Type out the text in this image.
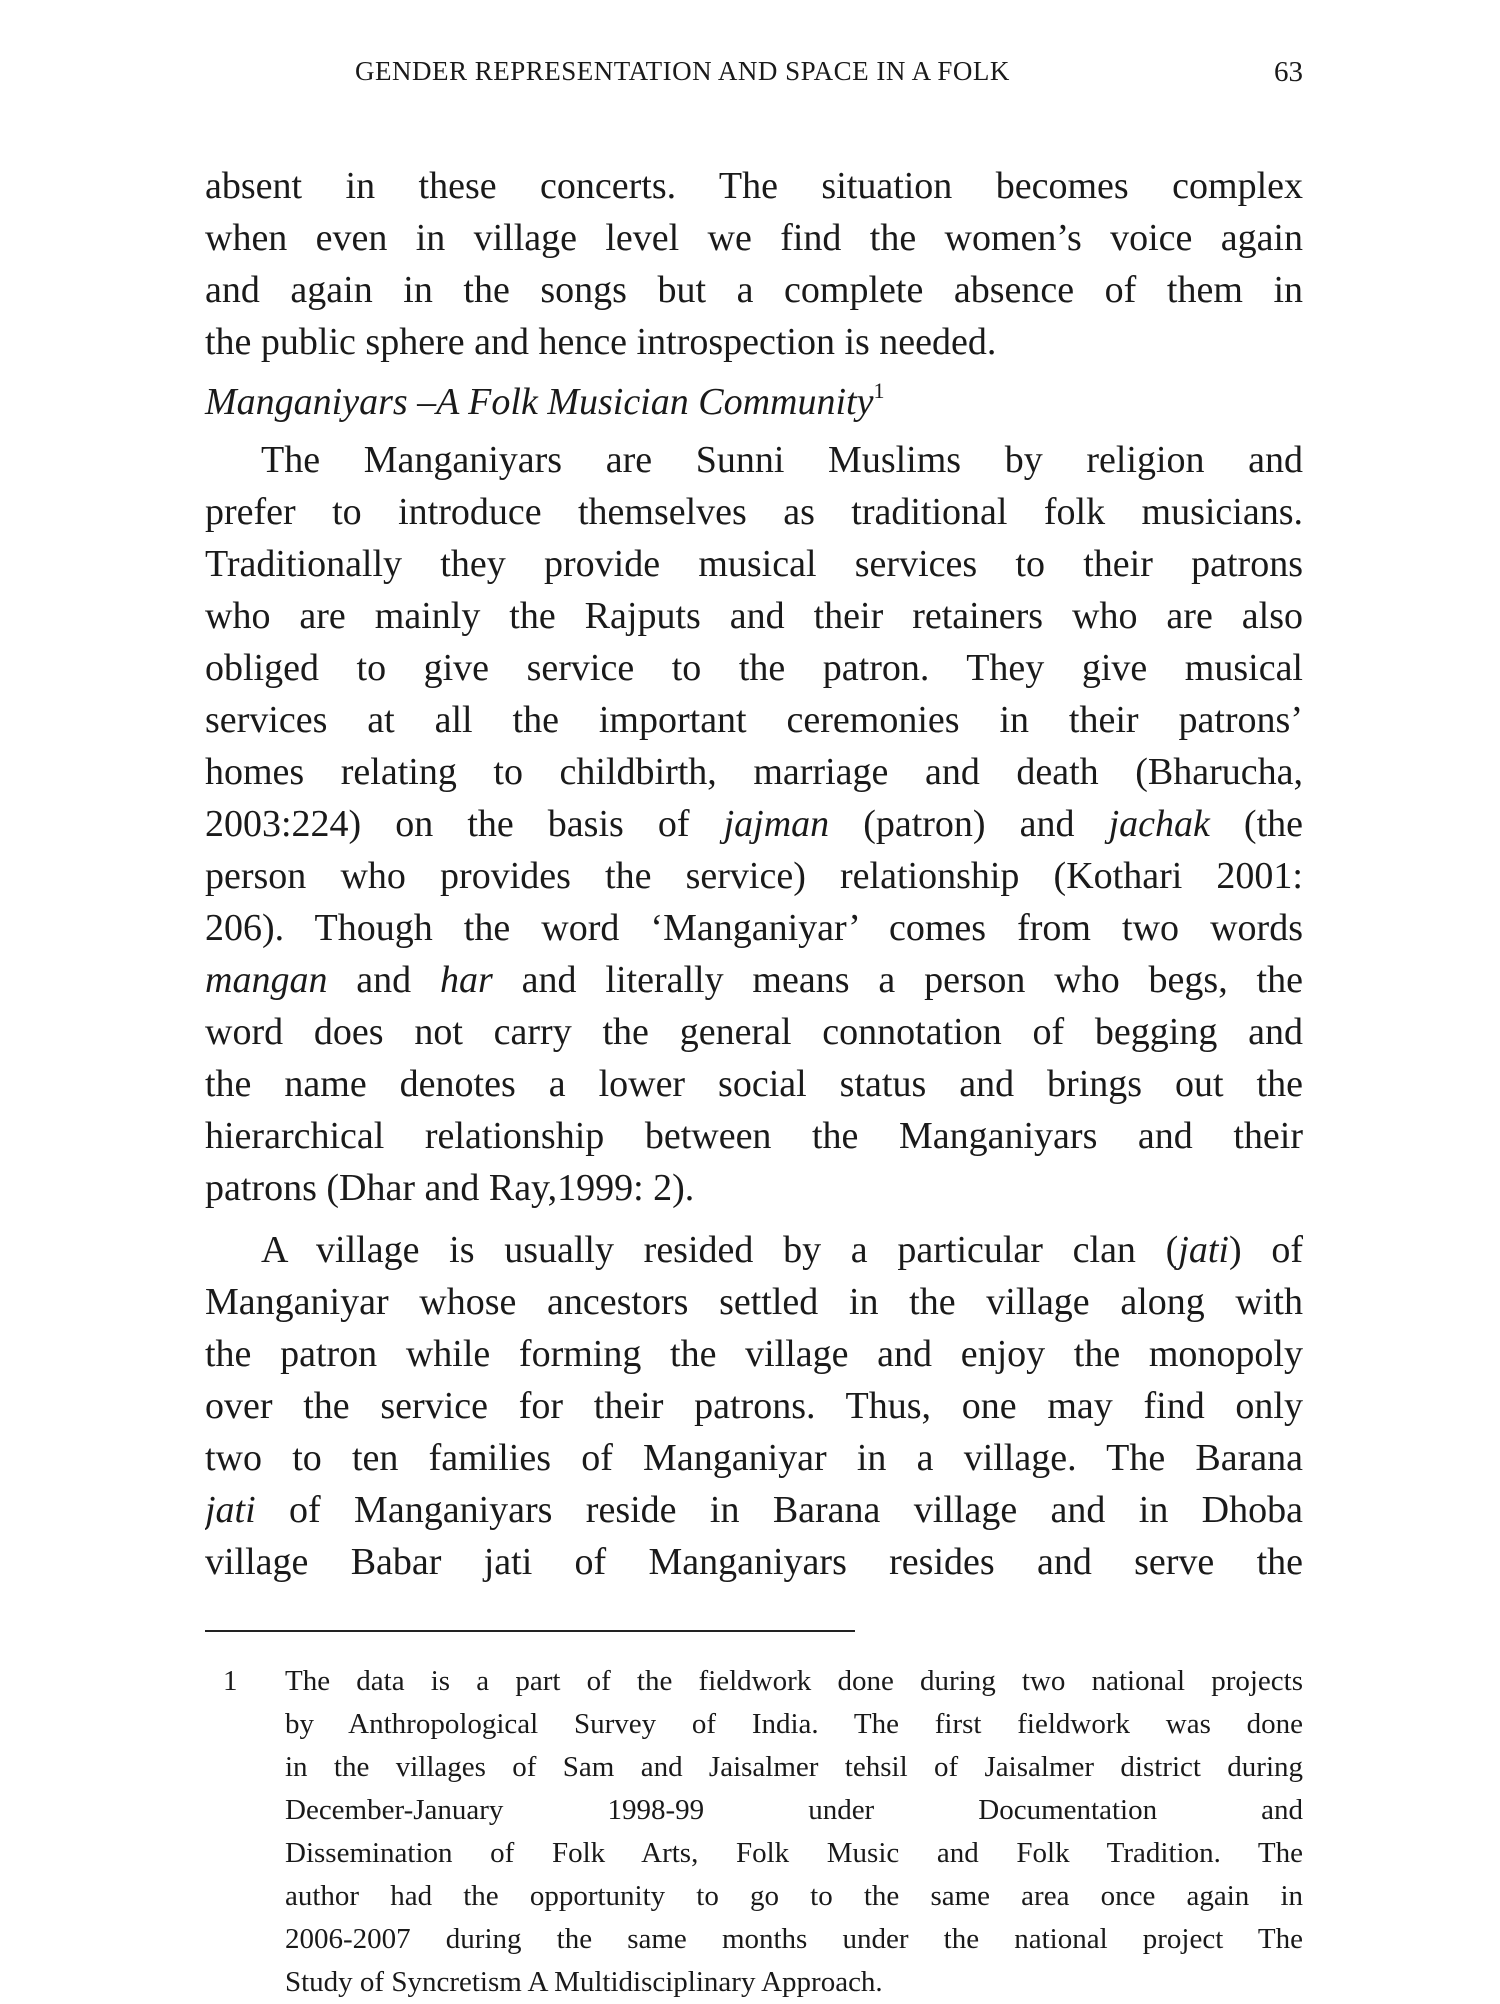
GENDER REPRESENTATION AND SPACE IN A FOLK	63
absent in these concerts. The situation becomes complex
when even in village level we find the women’s voice again
and again in the songs but a complete absence of them in
the public sphere and hence introspection is needed.
Manganiyars –A Folk Musician Community$^1$
The Manganiyars are Sunni Muslims by religion and
prefer to introduce themselves as traditional folk musicians.
Traditionally they provide musical services to their patrons
who are mainly the Rajputs and their retainers who are also
obliged to give service to the patron. They give musical
services at all the important ceremonies in their patrons’
homes relating to childbirth, marriage and death (Bharucha,
2003:224) on the basis of jajman (patron) and jachak (the
person who provides the service) relationship (Kothari 2001:
206). Though the word ‘Manganiyar’ comes from two words
mangan and har and literally means a person who begs, the
word does not carry the general connotation of begging and
the name denotes a lower social status and brings out the
hierarchical relationship between the Manganiyars and their
patrons (Dhar and Ray,1999: 2).
A village is usually resided by a particular clan (jati) of
Manganiyar whose ancestors settled in the village along with
the patron while forming the village and enjoy the monopoly
over the service for their patrons. Thus, one may find only
two to ten families of Manganiyar in a village. The Barana
jati of Manganiyars reside in Barana village and in Dhoba
village Babar jati of Manganiyars resides and serve the
1 The data is a part of the fieldwork done during two national projects
by Anthropological Survey of India. The first fieldwork was done
in the villages of Sam and Jaisalmer tehsil of Jaisalmer district during
December-January 1998-99 under Documentation and
Dissemination of Folk Arts, Folk Music and Folk Tradition. The
author had the opportunity to go to the same area once again in
2006-2007 during the same months under the national project The
Study of Syncretism A Multidisciplinary Approach.
